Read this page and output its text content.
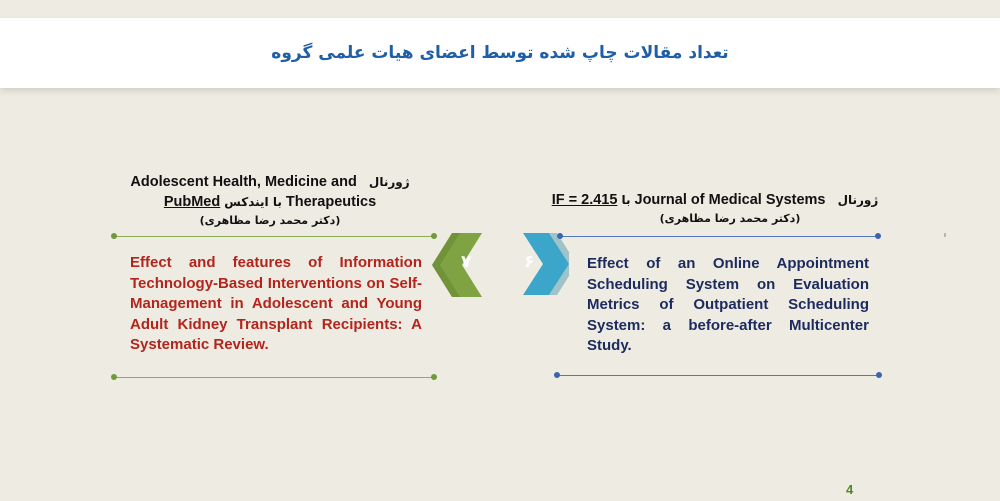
تعداد مقالات چاپ شده توسط اعضای هیات علمی گروه
Adolescent Health, Medicine and ژورنال
PubMed با ایندکس Therapeutics
(دکتر محمد رضا مظاهری)
IF = 2.415 با Journal of Medical Systems ژورنال
(دکتر محمد رضا مظاهری)
۷	۶
Effect and features of Information Technology-Based Interventions on Self-Management in Adolescent and Young Adult Kidney Transplant Recipients: A Systematic Review.
Effect of an Online Appointment Scheduling System on Evaluation Metrics of Outpatient Scheduling System: a before-after Multicenter Study.
4
